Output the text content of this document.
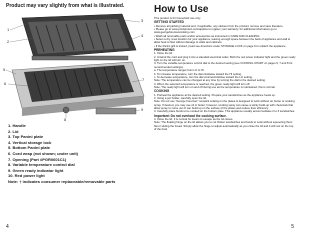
Product may vary slightly from what is illustrated.
1
2
3
4
5
6
7
8
9
1. Handle
2. Lid
3. Top Panini plate
4. Vertical storage lock
5. Bottom Panini plate
6. Cord wrap (not shown; under unit)
7. Opening (Part #PGR0601C1)
8. Variable temperature control dial
9. Green ready indicator light
10. Red power light
Note: † indicates consumer replaceable/removable parts
4
How to Use

This product is for household use only.

GETTING STARTED

• Remove all packing material and, if applicable, any stickers from the product; remove and save literature.

• Please go to www.prodprotect.com/applica to register your warranty; for additional information go to www.georgeforemancooking.com

• Wash all removable parts and/or accessories as instructed in CARE AND CLEANING.

• Select a dry, level location for your appliance, leaving enough space between the back of appliance and wall to allow heat to flow without damage to walls and cabinets.

• If the Panini grill is locked, (read see directions under STORAGE LOCK on page 9 to unlatch the appliance.

PREHEATING

1. Close the lid.

2. Unwind the cord and plug it into a standard electrical outlet. Both the red power indicator light and the green ready light on the lid will turn on.

3. Turn the variable temperature control dial to the desired setting (see COOKING CHART on pages 6, 7 and 8 for recommended settings).

a. The temperature ranges from LO to HI.

b. To increase temperature, turn the dial clockwise toward the HI setting.

c. To decrease temperature, turn the dial counterclockwise toward the LO setting.

Note: The temperature can be changed at any time by turning the dial to the desired setting.

4. When the selected temperature is reached, the green ready light will turn off.

Note: The ready light will turn on and off during use as the temperature is maintained; this is normal.

COOKING

1. Preheat the appliance at the desired setting. Prepare your sandwiches as the appliance heats up.

2. Using a pot holder, carefully open the lid.

Note: Do not use "George Foreman" nonstick coating on the plates is designed to work without oil, butter or cooking spray. If desired, you may use oil or butter; however, cooking spray can cause a sticky build-up with chemicals that allow spray to come out of can build up on the surface of the plates and reduce their efficiency.

3. Carefully place foods to be cooked on the bottom plate. This appliance usually accommodates 2 to 3 sandwiches.

Important: Do not overload the cooking surface.

4. Close the lid. It is normal for steam to escape as the lid closes.

Note: The floating hinge on the lid allows you to cut thicker sandwiches and foods to cook without squeezing them flat or sliding the bread. Simply allow the hinge to adjust automatically as you close the lid and it will rest on the top of the food.

5
